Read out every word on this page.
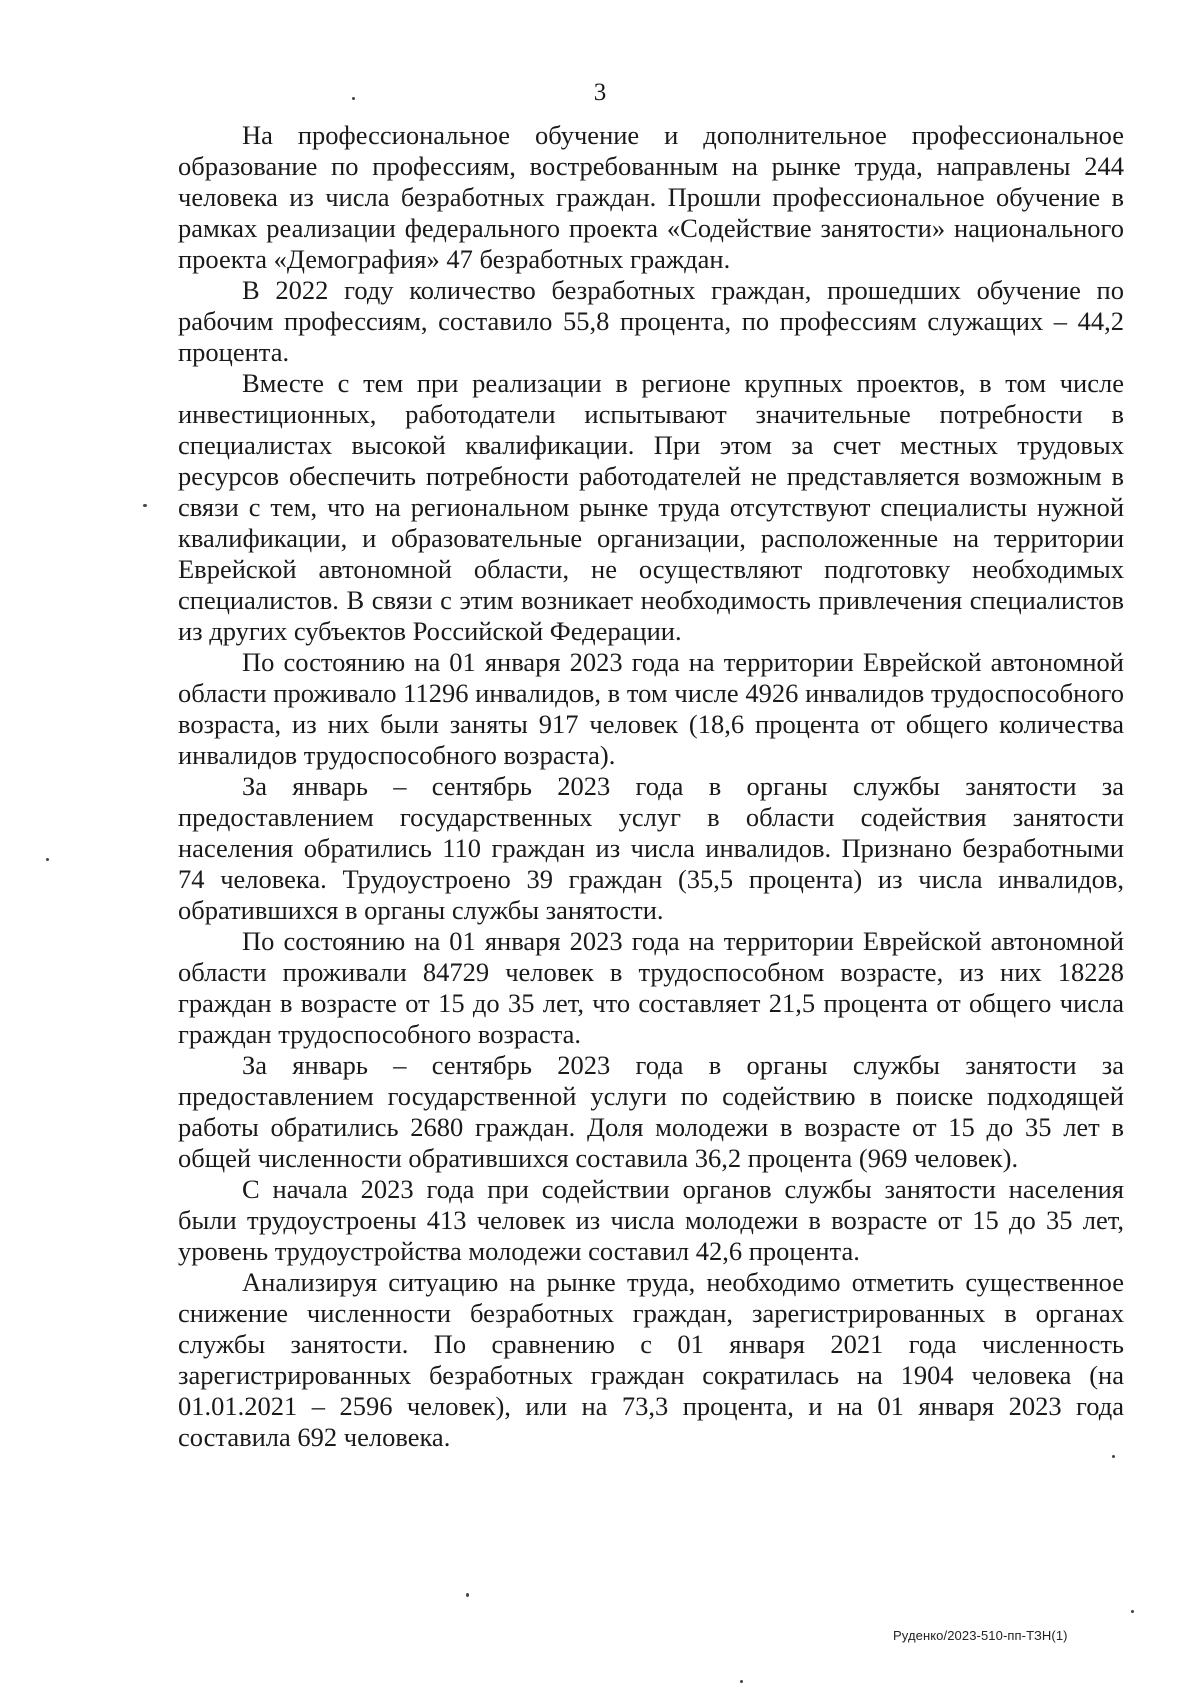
3

На профессиональное обучение и дополнительное профессиональное образование по профессиям, востребованным на рынке труда, направлены 244 человека из числа безработных граждан. Прошли профессиональное обучение в рамках реализации федерального проекта «Содействие занятости» национального проекта «Демография» 47 безработных граждан.

В 2022 году количество безработных граждан, прошедших обучение по рабочим профессиям, составило 55,8 процента, по профессиям служащих – 44,2 процента.

Вместе с тем при реализации в регионе крупных проектов, в том числе инвестиционных, работодатели испытывают значительные потребности в специалистах высокой квалификации. При этом за счет местных трудовых ресурсов обеспечить потребности работодателей не представляется возможным в связи с тем, что на региональном рынке труда отсутствуют специалисты нужной квалификации, и образовательные организации, расположенные на территории Еврейской автономной области, не осуществляют подготовку необходимых специалистов. В связи с этим возникает необходимость привлечения специалистов из других субъектов Российской Федерации.

По состоянию на 01 января 2023 года на территории Еврейской автономной области проживало 11296 инвалидов, в том числе 4926 инвалидов трудоспособного возраста, из них были заняты 917 человек (18,6 процента от общего количества инвалидов трудоспособного возраста).

За январь – сентябрь 2023 года в органы службы занятости за предоставлением государственных услуг в области содействия занятости населения обратились 110 граждан из числа инвалидов. Признано безработными 74 человека. Трудоустроено 39 граждан (35,5 процента) из числа инвалидов, обратившихся в органы службы занятости.

По состоянию на 01 января 2023 года на территории Еврейской автономной области проживали 84729 человек в трудоспособном возрасте, из них 18228 граждан в возрасте от 15 до 35 лет, что составляет 21,5 процента от общего числа граждан трудоспособного возраста.

За январь – сентябрь 2023 года в органы службы занятости за предоставлением государственной услуги по содействию в поиске подходящей работы обратились 2680 граждан. Доля молодежи в возрасте от 15 до 35 лет в общей численности обратившихся составила 36,2 процента (969 человек).

С начала 2023 года при содействии органов службы занятости населения были трудоустроены 413 человек из числа молодежи в возрасте от 15 до 35 лет, уровень трудоустройства молодежи составил 42,6 процента.

Анализируя ситуацию на рынке труда, необходимо отметить существенное снижение численности безработных граждан, зарегистрированных в органах службы занятости. По сравнению с 01 января 2021 года численность зарегистрированных безработных граждан сократилась на 1904 человека (на 01.01.2021 – 2596 человек), или на 73,3 процента, и на 01 января 2023 года составила 692 человека.

Руденко/2023-510-пп-ТЗН(1)
